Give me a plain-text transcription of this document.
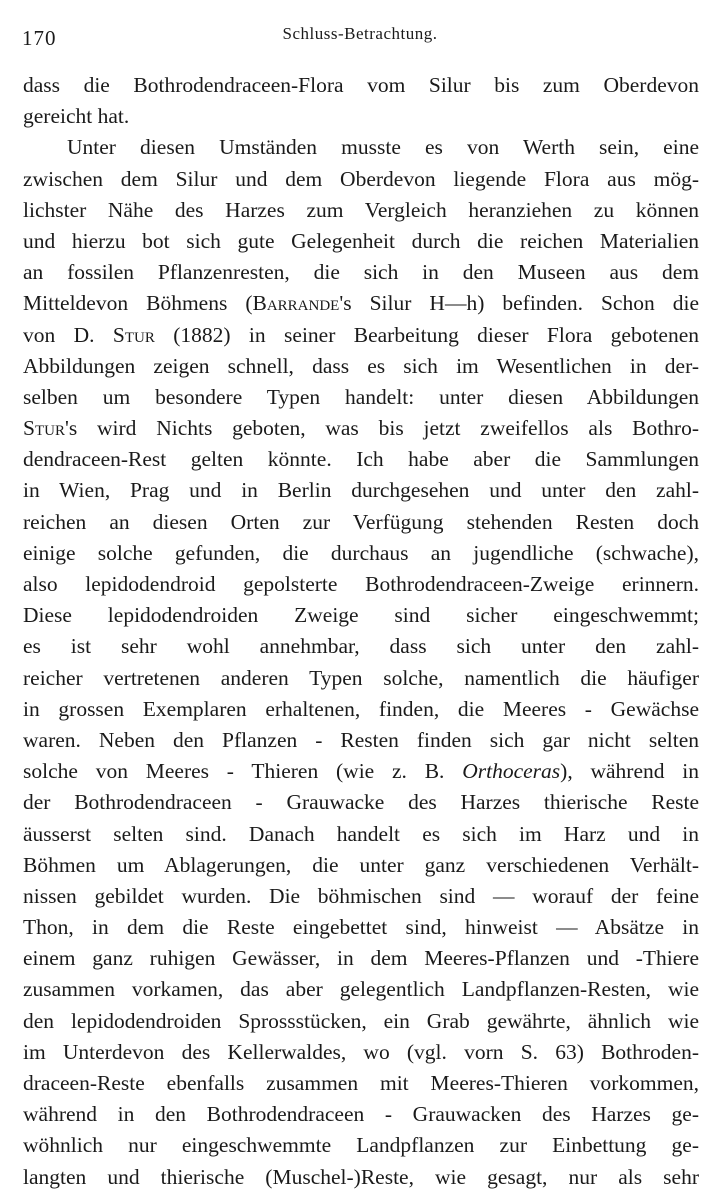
170	Schluss-Betrachtung.
dass die Bothrodendraceen-Flora vom Silur bis zum Oberdevon
gereicht hat.
Unter diesen Umständen musste es von Werth sein, eine
zwischen dem Silur und dem Oberdevon liegende Flora aus mög-
lichster Nähe des Harzes zum Vergleich heranziehen zu können
und hierzu bot sich gute Gelegenheit durch die reichen Materialien
an fossilen Pflanzenresten, die sich in den Museen aus dem
Mitteldevon Böhmens (Barrande's Silur H—h) befinden. Schon die
von D. Stur (1882) in seiner Bearbeitung dieser Flora gebotenen
Abbildungen zeigen schnell, dass es sich im Wesentlichen in der-
selben um besondere Typen handelt: unter diesen Abbildungen
Stur's wird Nichts geboten, was bis jetzt zweifellos als Bothro-
dendraceen-Rest gelten könnte. Ich habe aber die Sammlungen
in Wien, Prag und in Berlin durchgesehen und unter den zahl-
reichen an diesen Orten zur Verfügung stehenden Resten doch
einige solche gefunden, die durchaus an jugendliche (schwache),
also lepidodendroid gepolsterte Bothrodendraceen-Zweige erinnern.
Diese lepidodendroiden Zweige sind sicher eingeschwemmt;
es ist sehr wohl annehmbar, dass sich unter den zahl-
reicher vertretenen anderen Typen solche, namentlich die häufiger
in grossen Exemplaren erhaltenen, finden, die Meeres - Gewächse
waren. Neben den Pflanzen - Resten finden sich gar nicht selten
solche von Meeres - Thieren (wie z. B. Orthoceras), während in
der Bothrodendraceen - Grauwacke des Harzes thierische Reste
äusserst selten sind. Danach handelt es sich im Harz und in
Böhmen um Ablagerungen, die unter ganz verschiedenen Verhält-
nissen gebildet wurden. Die böhmischen sind — worauf der feine
Thon, in dem die Reste eingebettet sind, hinweist — Absätze in
einem ganz ruhigen Gewässer, in dem Meeres-Pflanzen und -Thiere
zusammen vorkamen, das aber gelegentlich Landpflanzen-Resten, wie
den lepidodendroiden Sprossstücken, ein Grab gewährte, ähnlich wie
im Unterdevon des Kellerwaldes, wo (vgl. vorn S. 63) Bothroden-
draceen-Reste ebenfalls zusammen mit Meeres-Thieren vorkommen,
während in den Bothrodendraceen - Grauwacken des Harzes ge-
wöhnlich nur eingeschwemmte Landpflanzen zur Einbettung ge-
langten und thierische (Muschel-)Reste, wie gesagt, nur als sehr
